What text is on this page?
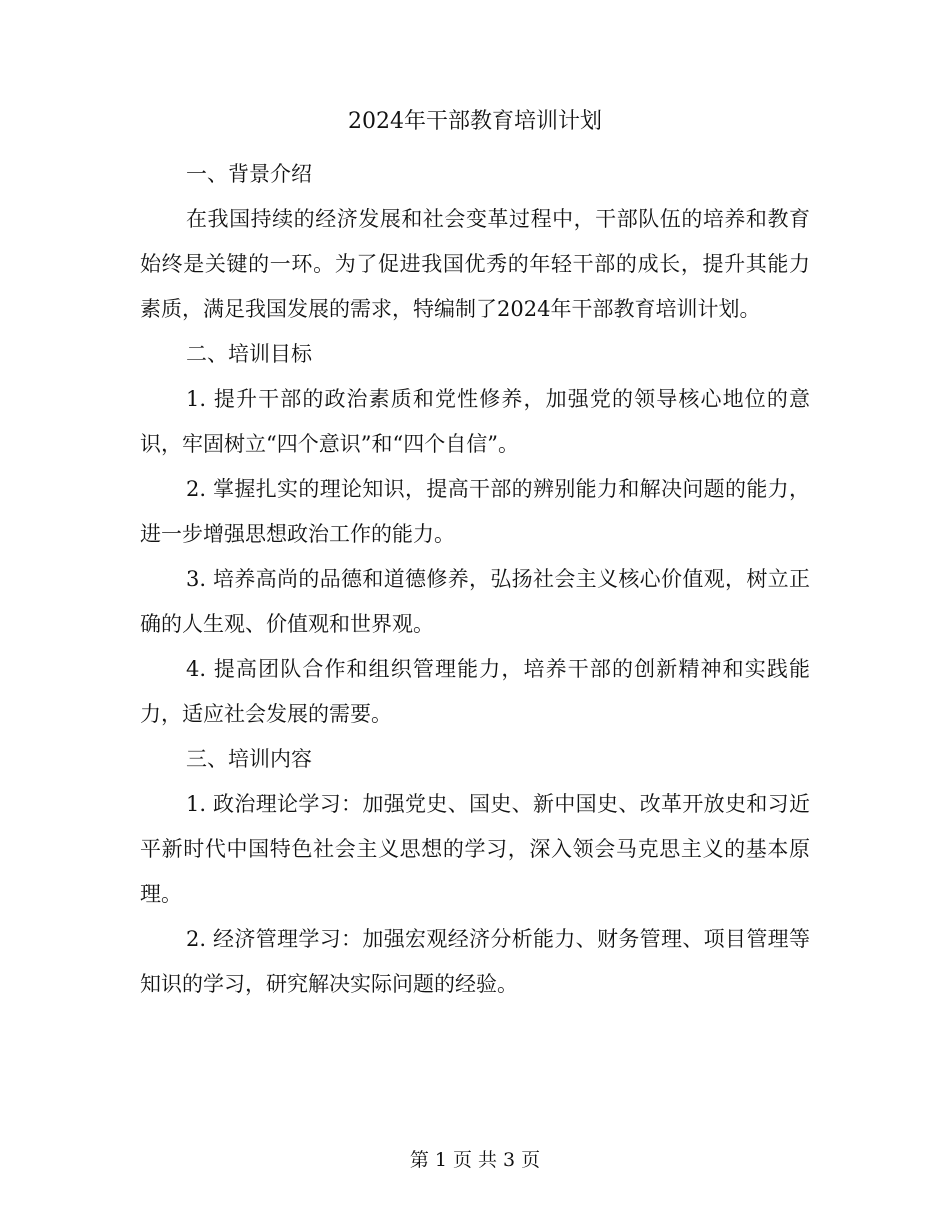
2024年干部教育培训计划

一、背景介绍

在我国持续的经济发展和社会变革过程中，干部队伍的培养和教育始终是关键的一环。为了促进我国优秀的年轻干部的成长，提升其能力素质，满足我国发展的需求，特编制了2024年干部教育培训计划。

二、培训目标

1. 提升干部的政治素质和党性修养，加强党的领导核心地位的意识，牢固树立“四个意识”和“四个自信”。

2. 掌握扎实的理论知识，提高干部的辨别能力和解决问题的能力，进一步增强思想政治工作的能力。

3. 培养高尚的品德和道德修养，弘扬社会主义核心价值观，树立正确的人生观、价值观和世界观。

4. 提高团队合作和组织管理能力，培养干部的创新精神和实践能力，适应社会发展的需要。

三、培训内容

1. 政治理论学习：加强党史、国史、新中国史、改革开放史和习近平新时代中国特色社会主义思想的学习，深入领会马克思主义的基本原理。

2. 经济管理学习：加强宏观经济分析能力、财务管理、项目管理等知识的学习，研究解决实际问题的经验。

第 1 页 共 3 页
